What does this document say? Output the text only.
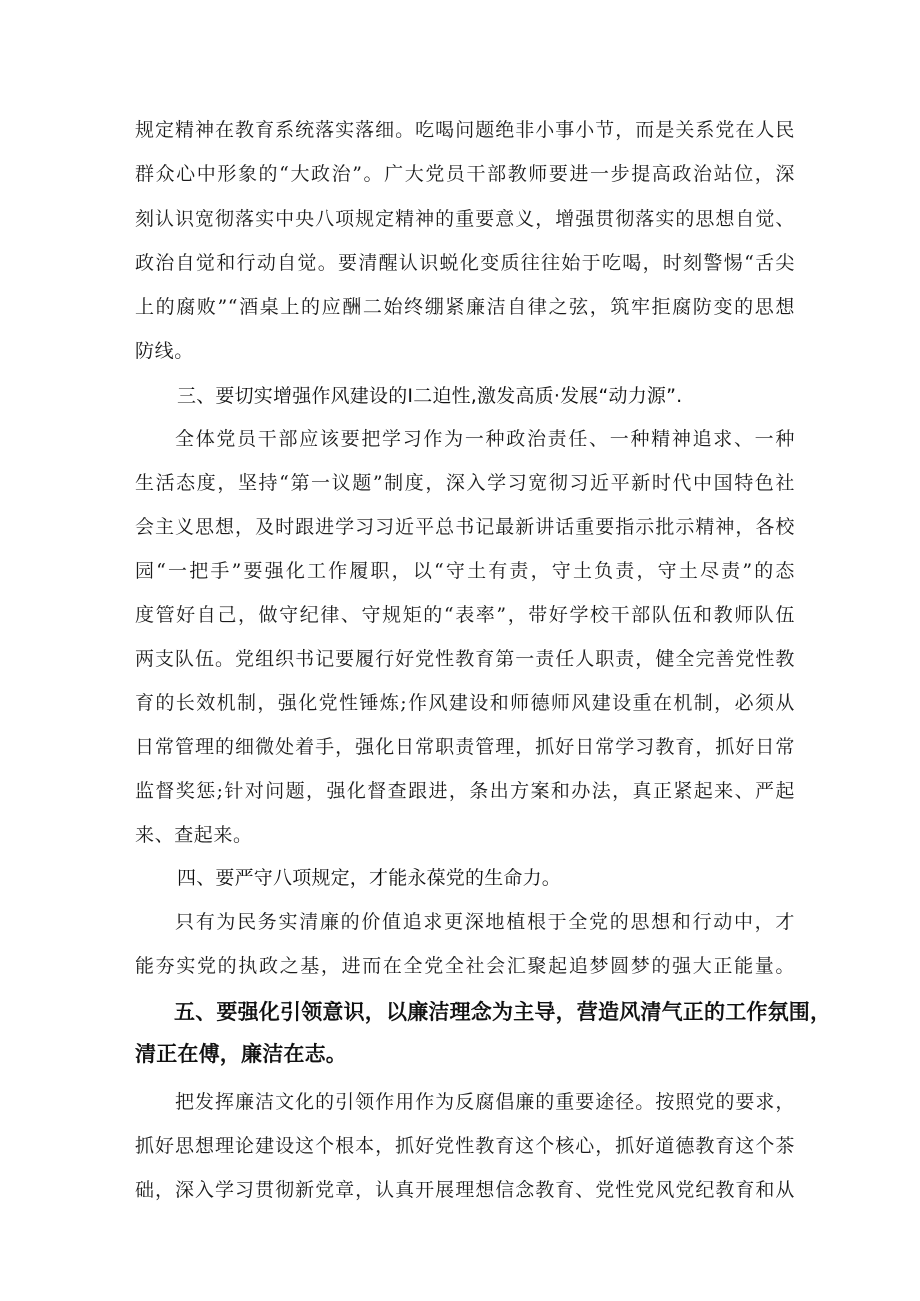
规定精神在教育系统落实落细。吃喝问题绝非小事小节，而是关系党在人民
群众心中形象的“大政治”。广大党员干部教师要进一步提高政治站位，深
刻认识宽彻落实中央八项规定精神的重要意义，增强贯彻落实的思想自觉、
政治自觉和行动自觉。要清醒认识蜕化变质往往始于吃喝，时刻警惕“舌尖
上的腐败”“酒桌上的应酬二始终绷紧廉洁自律之弦，筑牢拒腐防变的思想
防线。
三、要切实增强作风建设的I二迫性,激发高质·发展“动力源”.
全体党员干部应该要把学习作为一种政治责任、一种精神追求、一种
生活态度，坚持“第一议题”制度，深入学习宽彻习近平新时代中国特色社
会主义思想，及时跟进学习习近平总书记最新讲话重要指示批示精神，各校
园“一把手”要强化工作履职，以“守土有责，守土负责，守土尽责”的态
度管好自己，做守纪律、守规矩的“表率”，带好学校干部队伍和教师队伍
两支队伍。党组织书记要履行好党性教育第一责任人职责，健全完善党性教
育的长效机制，强化党性锤炼;作风建设和师德师风建设重在机制，必须从
日常管理的细微处着手，强化日常职责管理，抓好日常学习教育，抓好日常
监督奖惩;针对问题，强化督查跟进，条出方案和办法，真正紧起来、严起
来、查起来。
四、要严守八项规定，才能永葆党的生命力。
只有为民务实清廉的价值追求更深地植根于全党的思想和行动中，才
能夯实党的执政之基，进而在全党全社会汇聚起追梦圆梦的强大正能量。
五、要强化引领意识，以廉洁理念为主导，营造风清气正的工作氛围，
清正在傅，廉洁在志。
把发挥廉洁文化的引领作用作为反腐倡廉的重要途径。按照党的要求，
抓好思想理论建设这个根本，抓好党性教育这个核心，抓好道德教育这个茶
础，深入学习贯彻新党章，认真开展理想信念教育、党性党风党纪教育和从
